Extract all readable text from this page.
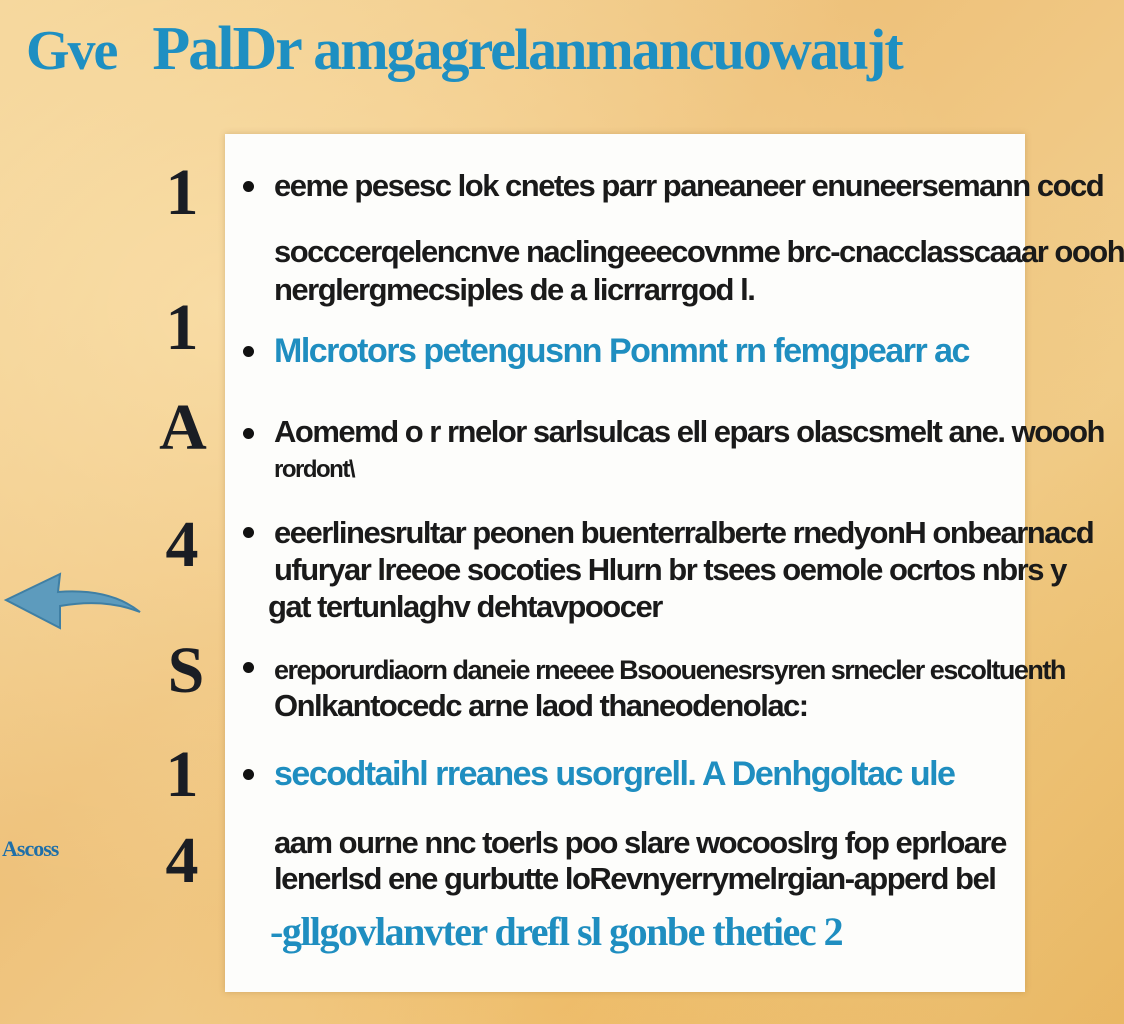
Gve PalDr amgagrelanmancuowaujt
1
1
A
4
S
1
4
Ascoss
eeme pesesc lok cnetes parr paneaneer enuneersemann cocd
socccerqelencnve naclingeeecovnme brc-cnacclasscaaar oooh
nerglergmecsiples de a licrrarrgod l.
Mlcrotors petengusnn Ponmnt rn femgpearr ac
Aomemd o r rnelor sarlsulcas ell epars olascsmelt ane. woooh
rordont\
eeerlinesrultar peonen buenterralberte rnedyonH onbearnacd
ufuryar lreeoe socoties Hlurn br tsees oemole ocrtos nbrs y
gat tertunlaghv dehtavpoocer
ereporurdiaorn daneie rneeee Bsoouenesrsyren srnecler escoltuenth
Onlkantocedc arne laod thaneodenolac:
secodtaihl rreanes usorgrell. A Denhgoltac ule
aam ourne nnc toerls poo slare wocooslrg fop eprloare
lenerlsd ene gurbutte loRevnyerrymelrgian-apperd bel
-gllgovlanvter drefl sl gonbe thetiec 2
